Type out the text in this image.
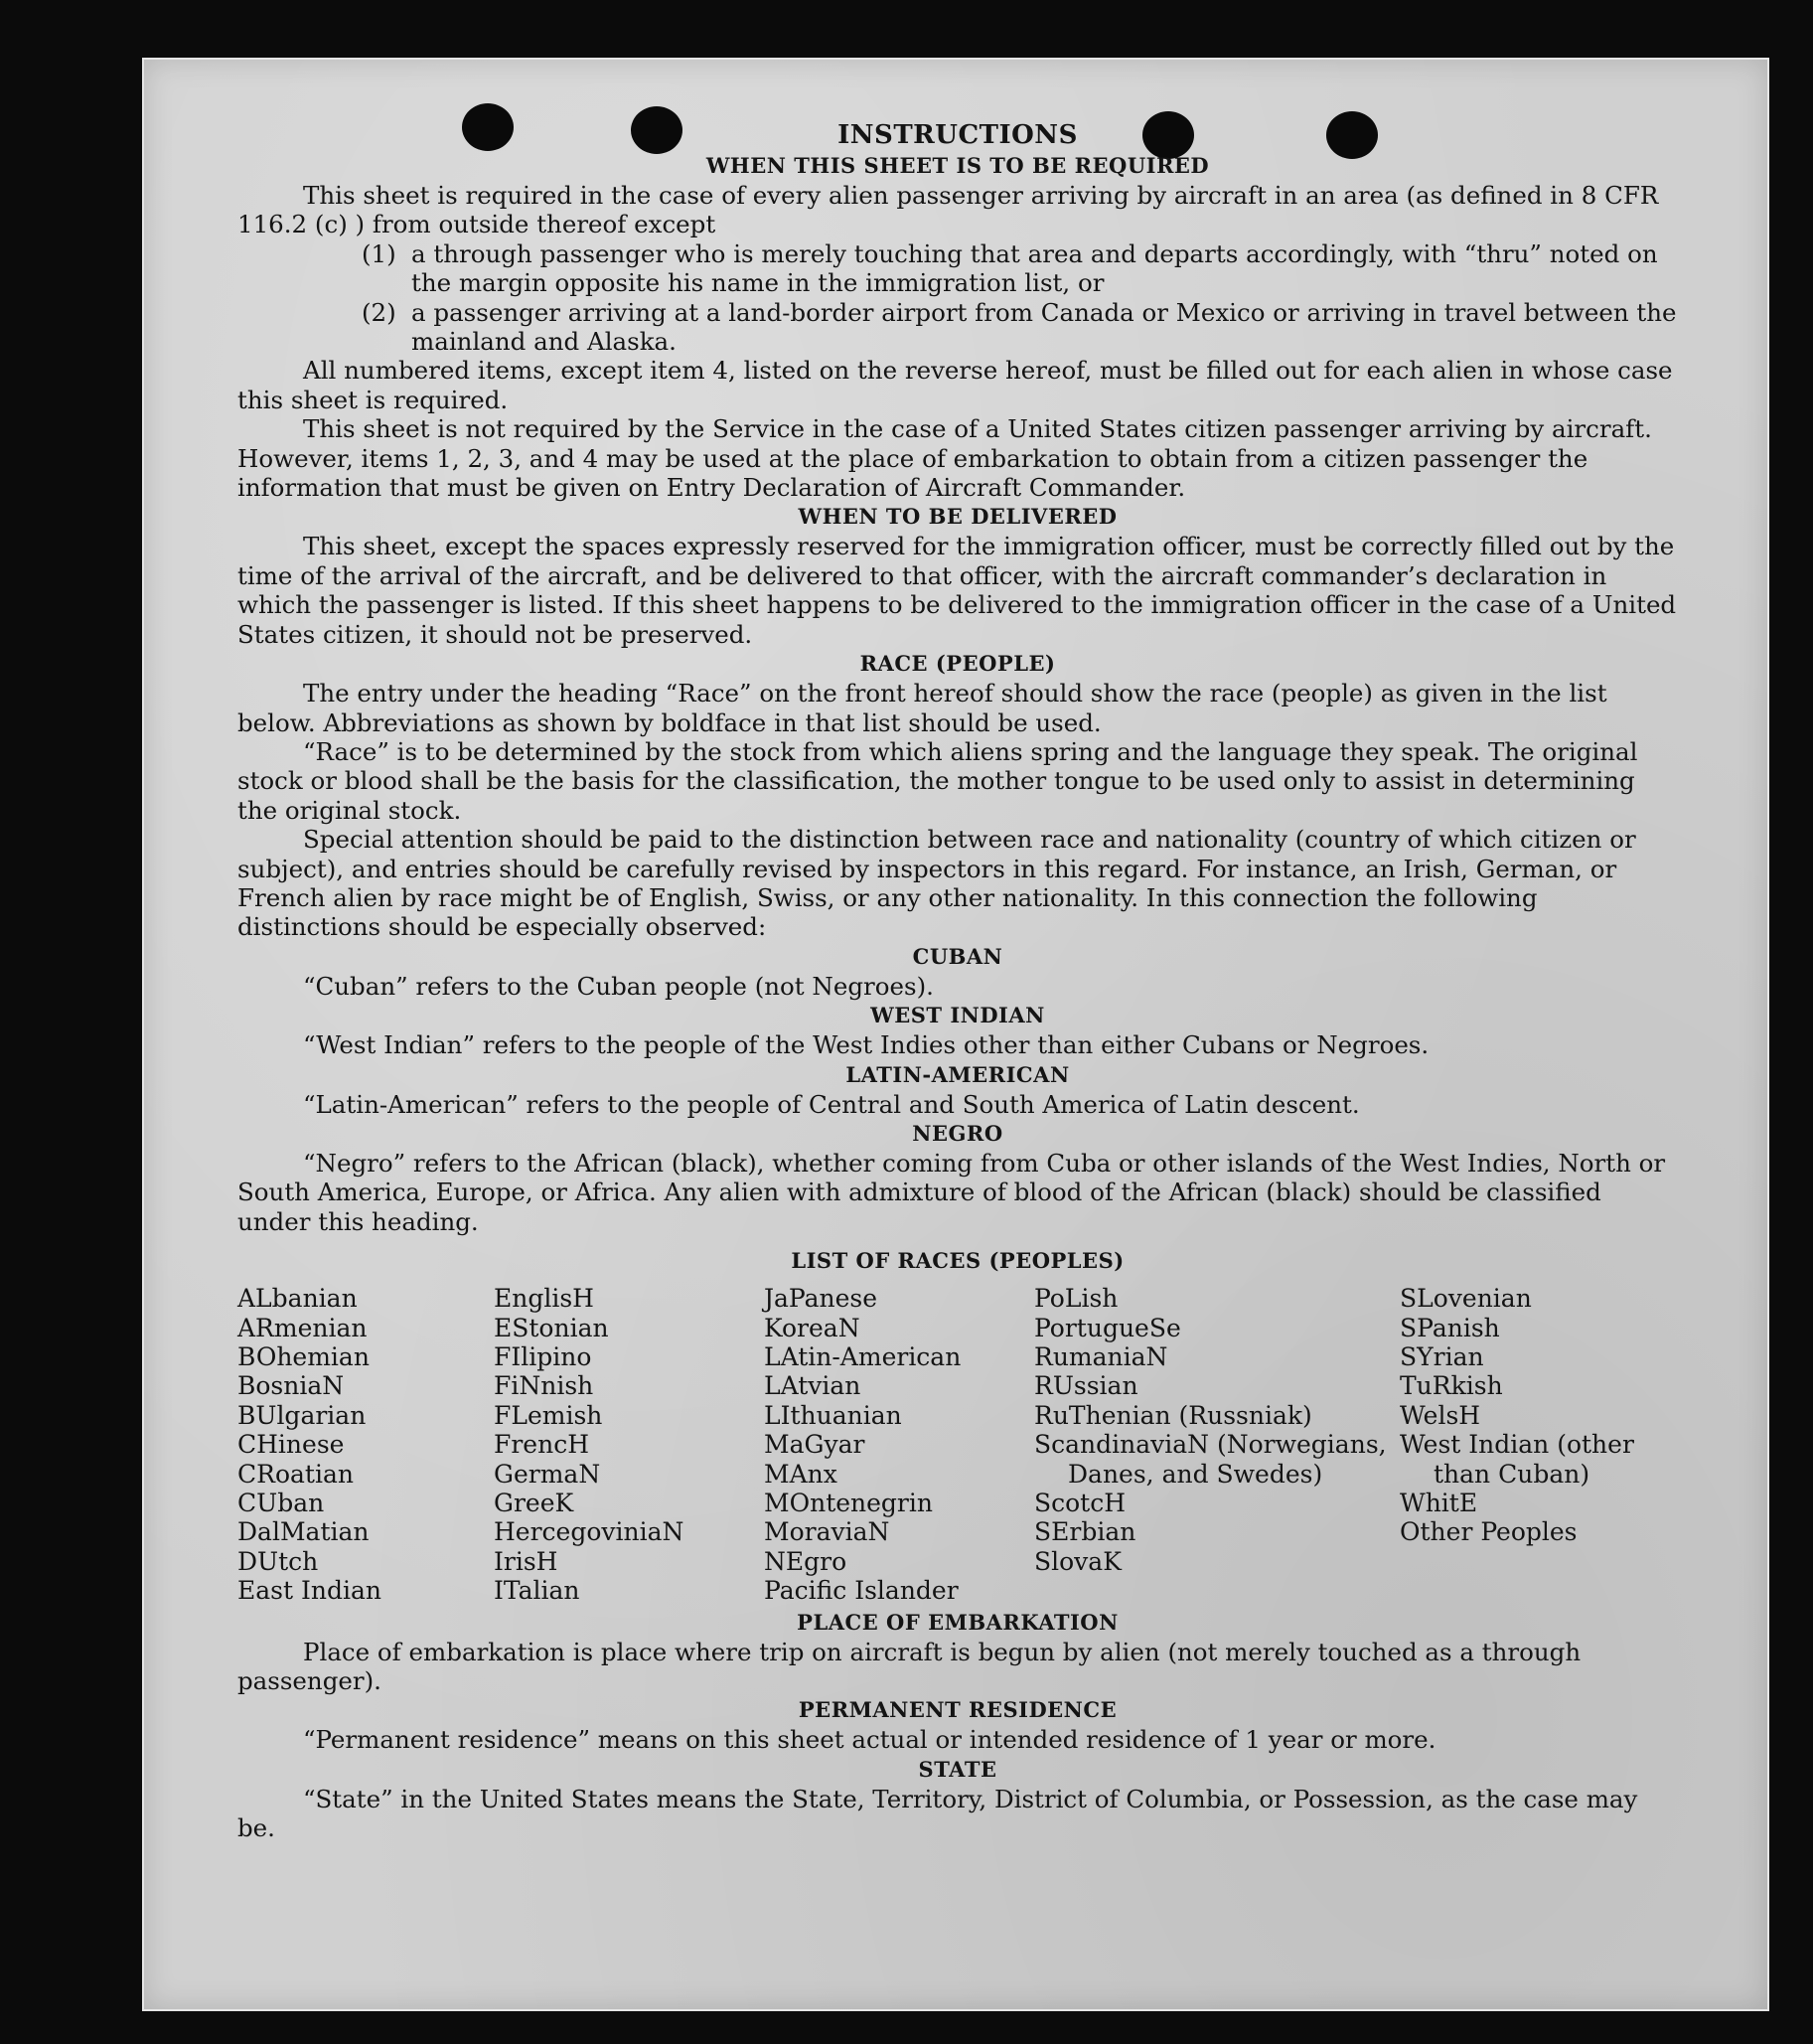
INSTRUCTIONS
WHEN THIS SHEET IS TO BE REQUIRED

This sheet is required in the case of every alien passenger arriving by aircraft in an area (as defined in 8 CFR 116.2 (c) ) from outside thereof except

(1) a through passenger who is merely touching that area and departs accordingly, with “thru” noted on the margin opposite his name in the immigration list, or
(2) a passenger arriving at a land-border airport from Canada or Mexico or arriving in travel between the mainland and Alaska.

All numbered items, except item 4, listed on the reverse hereof, must be filled out for each alien in whose case this sheet is required.

This sheet is not required by the Service in the case of a United States citizen passenger arriving by aircraft. However, items 1, 2, 3, and 4 may be used at the place of embarkation to obtain from a citizen passenger the information that must be given on Entry Declaration of Aircraft Commander.

WHEN TO BE DELIVERED

This sheet, except the spaces expressly reserved for the immigration officer, must be correctly filled out by the time of the arrival of the aircraft, and be delivered to that officer, with the aircraft commander’s declaration in which the passenger is listed. If this sheet happens to be delivered to the immigration officer in the case of a United States citizen, it should not be preserved.

RACE (PEOPLE)

The entry under the heading “Race” on the front hereof should show the race (people) as given in the list below. Abbreviations as shown by boldface in that list should be used.

“Race” is to be determined by the stock from which aliens spring and the language they speak. The original stock or blood shall be the basis for the classification, the mother tongue to be used only to assist in determining the original stock.

Special attention should be paid to the distinction between race and nationality (country of which citizen or subject), and entries should be carefully revised by inspectors in this regard. For instance, an Irish, German, or French alien by race might be of English, Swiss, or any other nationality. In this connection the following distinctions should be especially observed:

CUBAN

“Cuban” refers to the Cuban people (not Negroes).

WEST INDIAN

“West Indian” refers to the people of the West Indies other than either Cubans or Negroes.

LATIN-AMERICAN

“Latin-American” refers to the people of Central and South America of Latin descent.

NEGRO

“Negro” refers to the African (black), whether coming from Cuba or other islands of the West Indies, North or South America, Europe, or Africa. Any alien with admixture of blood of the African (black) should be classified under this heading.

LIST OF RACES (PEOPLES)
ALbanian
ARmenian
BOhemian
BosniaN
BUlgarian
CHinese
CRoatian
CUban
DalMatian
DUtch
East Indian
EnglisH
EStonian
FIlipino
FiNnish
FLemish
FrencH
GermaN
GreeK
HercegoviniaN
IrisH
ITalian
JaPanese
KoreaN
LAtin-American
LAtvian
LIthuanian
MaGyar
MAnx
MOntenegrin
MoraviaN
NEgro
Pacific Islander
PoLish
PortugueSe
RumaniaN
RUssian
RuThenian (Russniak)
ScandinaviaN (Norwegians, Danes, and Swedes)
ScotcH
SErbian
SlovaK
SLovenian
SPanish
SYrian
TuRkish
WelsH
West Indian (other than Cuban)
WhitE
Other Peoples
PLACE OF EMBARKATION

Place of embarkation is place where trip on aircraft is begun by alien (not merely touched as a through passenger).

PERMANENT RESIDENCE

“Permanent residence” means on this sheet actual or intended residence of 1 year or more.

STATE

“State” in the United States means the State, Territory, District of Columbia, or Possession, as the case may be.
